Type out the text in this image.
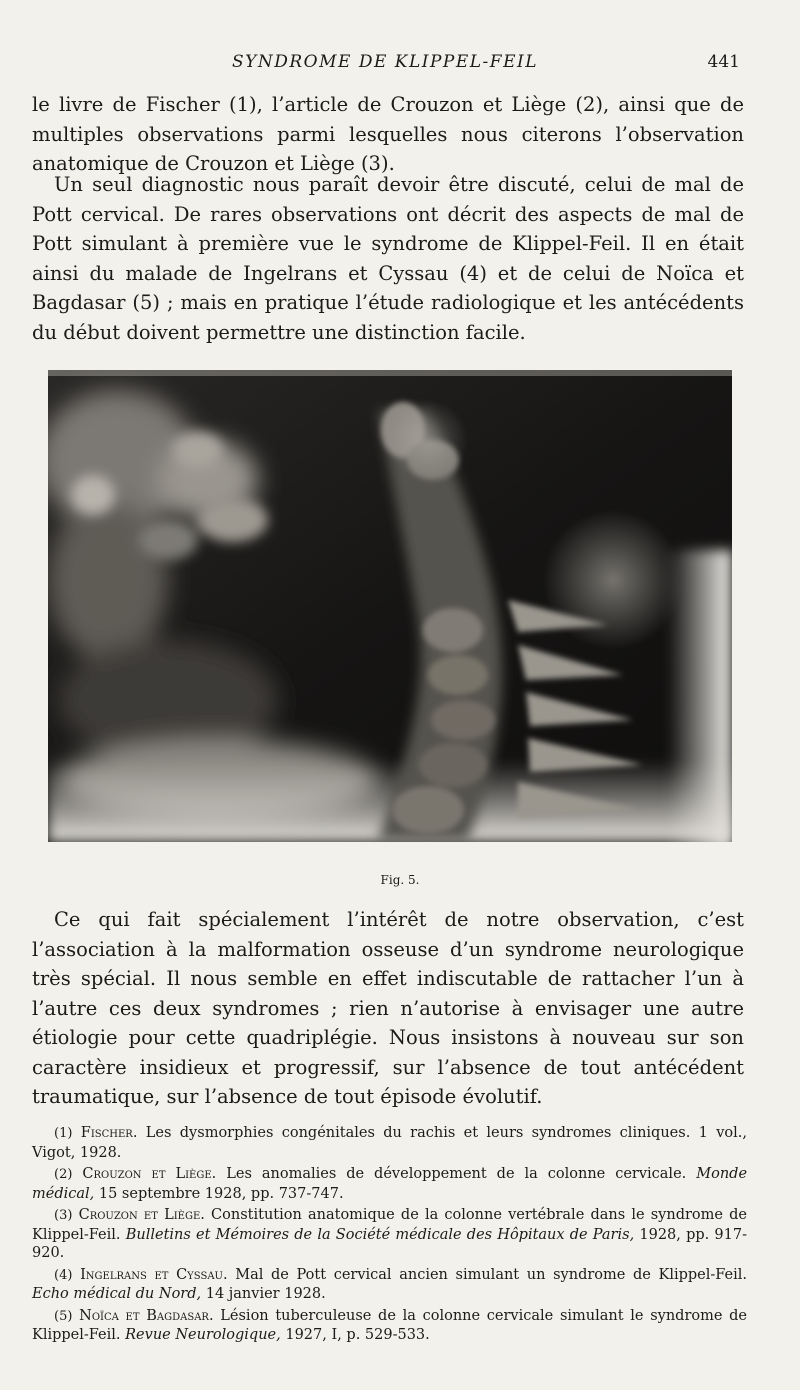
SYNDROME DE KLIPPEL-FEIL	441

le livre de Fischer (1), l’article de Crouzon et Liège (2), ainsi que de multiples observations parmi lesquelles nous citerons l’observation anatomique de Crouzon et Liège (3).

Un seul diagnostic nous paraît devoir être discuté, celui de mal de Pott cervical. De rares observations ont décrit des aspects de mal de Pott simulant à première vue le syndrome de Klippel-Feil. Il en était ainsi du malade de Ingelrans et Cyssau (4) et de celui de Noïca et Bagdasar (5) ; mais en pratique l’étude radiologique et les antécédents du début doivent permettre une distinction facile.

Fig. 5.

Ce qui fait spécialement l’intérêt de notre observation, c’est l’association à la malformation osseuse d’un syndrome neurologique très spécial. Il nous semble en effet indiscutable de rattacher l’un à l’autre ces deux syndromes ; rien n’autorise à envisager une autre étiologie pour cette quadriplégie. Nous insistons à nouveau sur son caractère insidieux et progressif, sur l’absence de tout antécédent traumatique, sur l’absence de tout épisode évolutif.

(1) Fischer. Les dysmorphies congénitales du rachis et leurs syndromes cliniques. 1 vol., Vigot, 1928.

(2) Crouzon et Liège. Les anomalies de développement de la colonne cervicale. Monde médical, 15 septembre 1928, pp. 737-747.

(3) Crouzon et Liège. Constitution anatomique de la colonne vertébrale dans le syndrome de Klippel-Feil. Bulletins et Mémoires de la Société médicale des Hôpitaux de Paris, 1928, pp. 917-920.

(4) Ingelrans et Cyssau. Mal de Pott cervical ancien simulant un syndrome de Klippel-Feil. Echo médical du Nord, 14 janvier 1928.

(5) Noïca et Bagdasar. Lésion tuberculeuse de la colonne cervicale simulant le syndrome de Klippel-Feil. Revue Neurologique, 1927, I, p. 529-533.
